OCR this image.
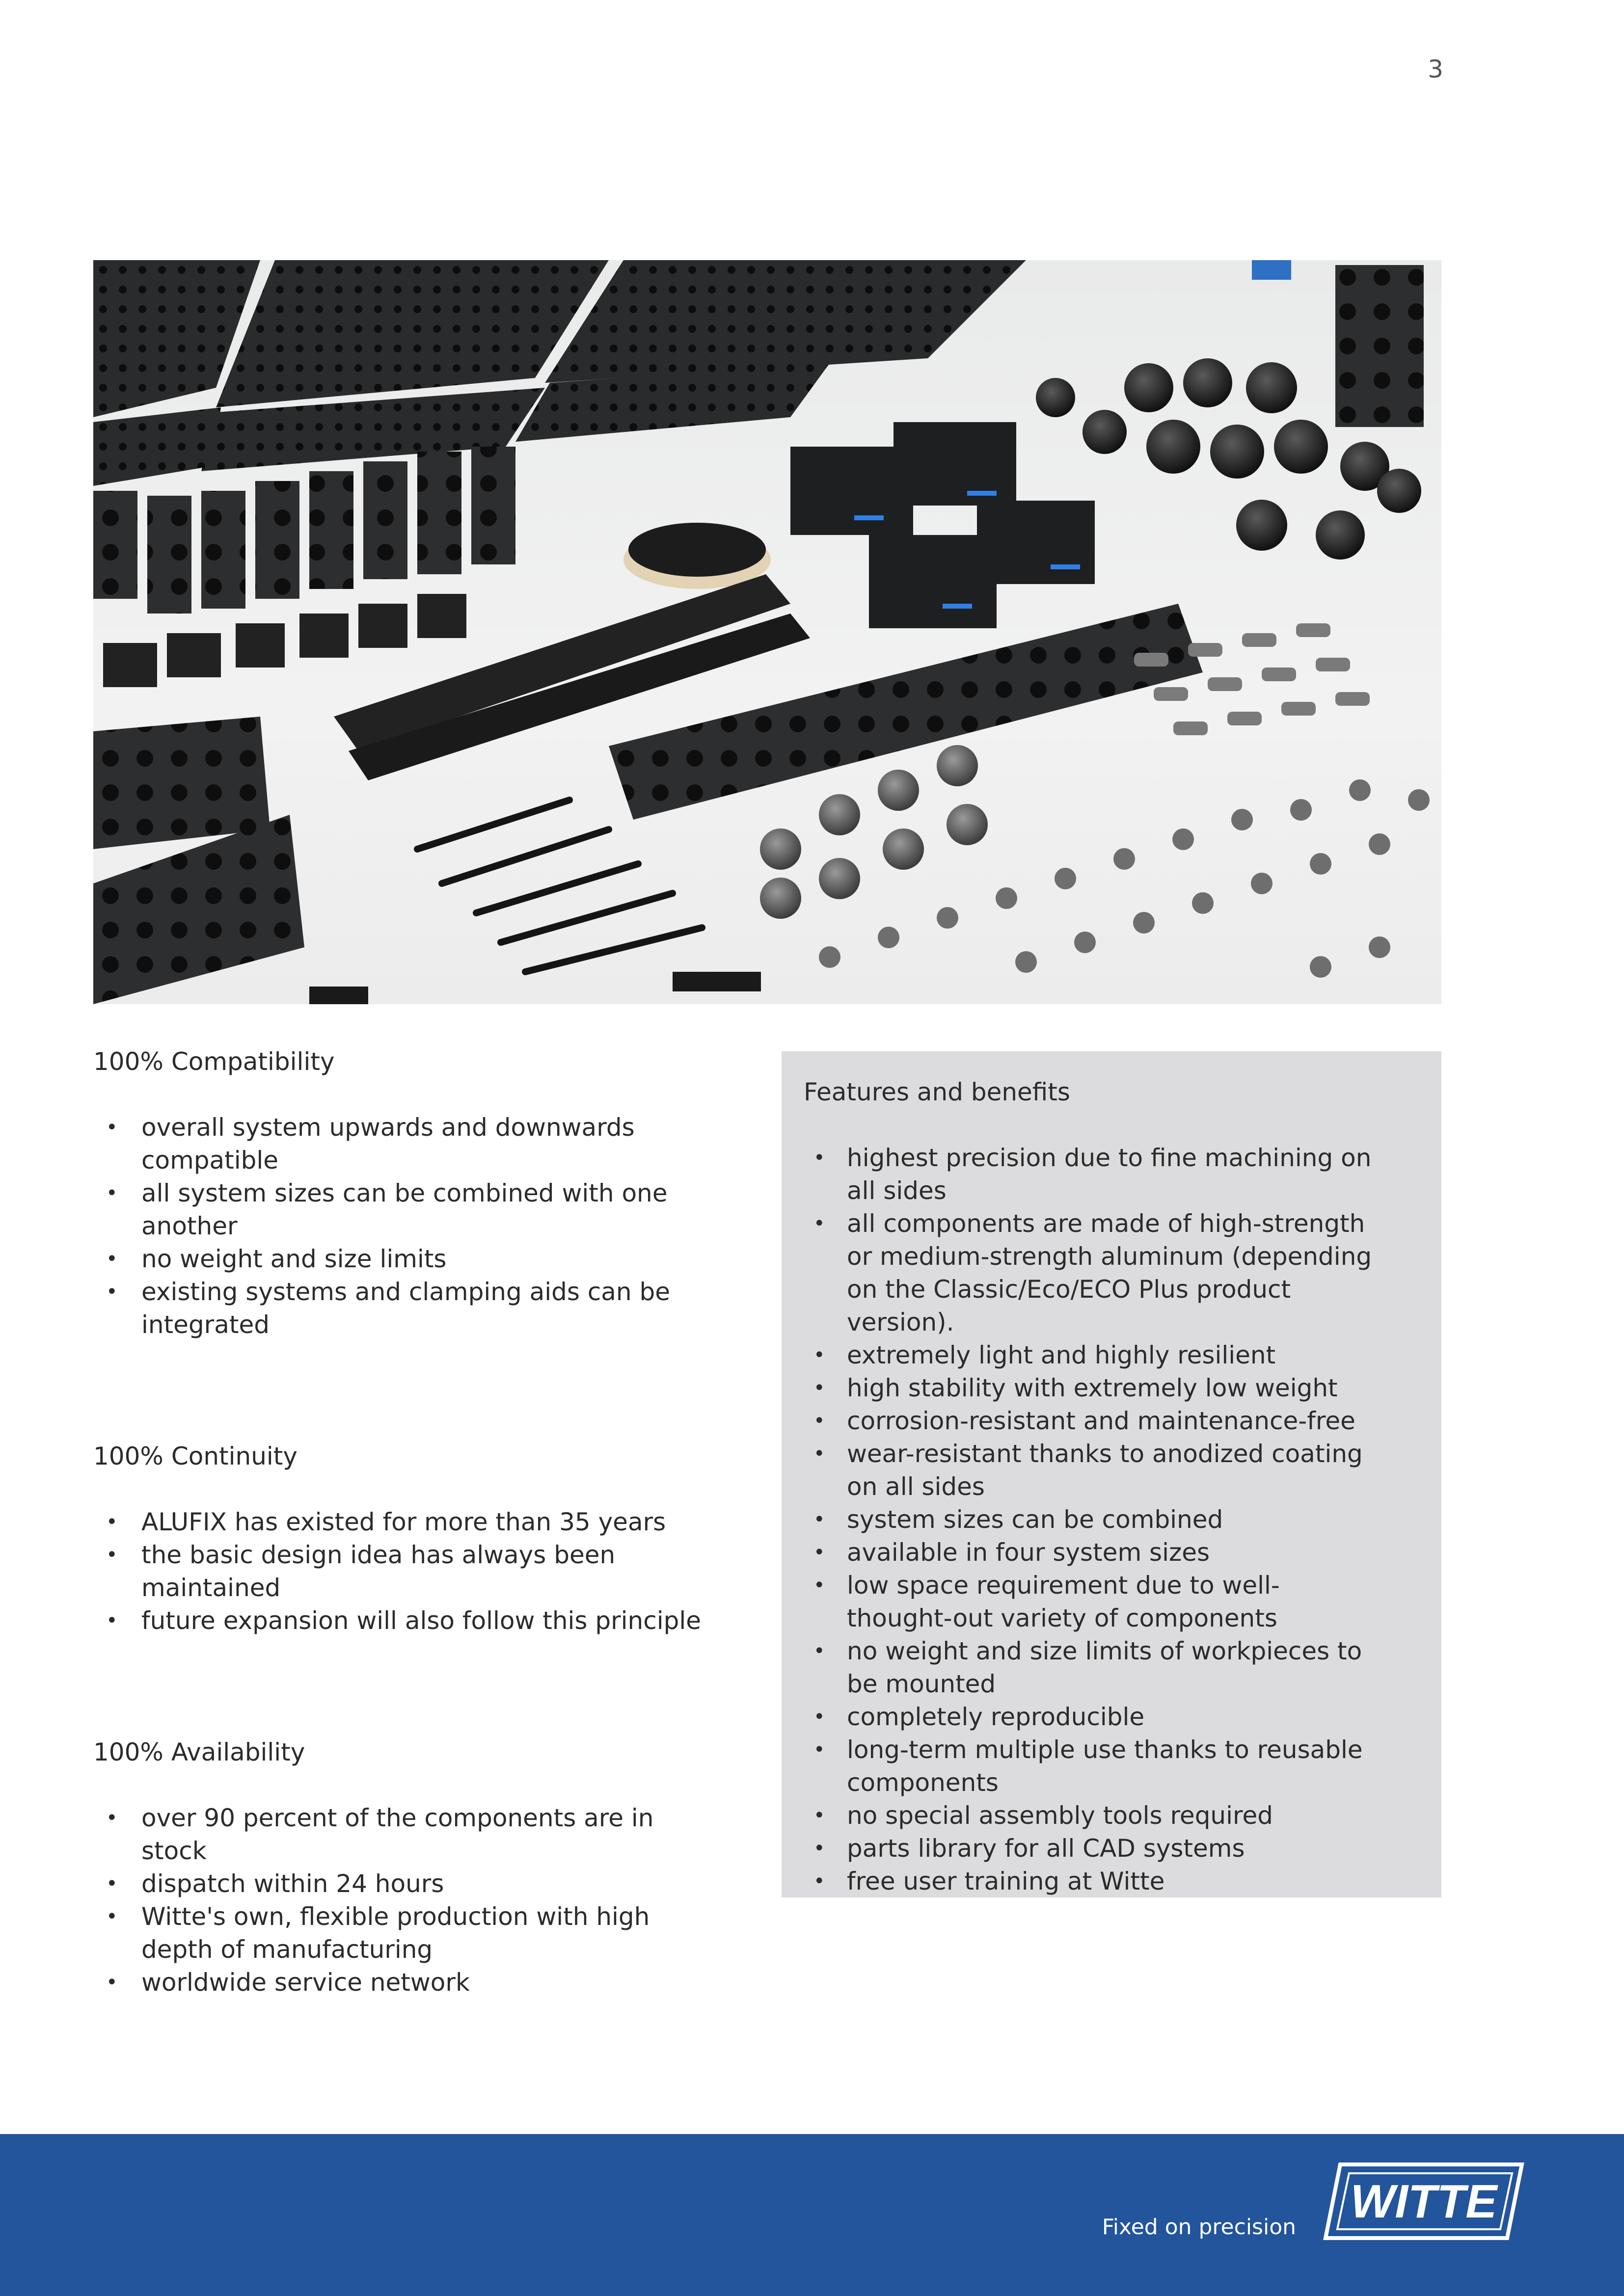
3
100% Compatibility
• overall system upwards and downwards compatible
• all system sizes can be combined with one another
• no weight and size limits
• existing systems and clamping aids can be integrated
100% Continuity
• ALUFIX has existed for more than 35 years
• the basic design idea has always been maintained
• future expansion will also follow this principle
100% Availability
• over 90 percent of the components are in stock
• dispatch within 24 hours
• Witte's own, flexible production with high depth of manufacturing
• worldwide service network
Features and benefits
• highest precision due to fine machining on all sides
• all components are made of high-strength or medium-strength aluminum (depending on the Classic/Eco/ECO Plus product version).
• extremely light and highly resilient
• high stability with extremely low weight
• corrosion-resistant and maintenance-free
• wear-resistant thanks to anodized coating on all sides
• system sizes can be combined
• available in four system sizes
• low space requirement due to well-thought-out variety of components
• no weight and size limits of workpieces to be mounted
• completely reproducible
• long-term multiple use thanks to reusable components
• no special assembly tools required
• parts library for all CAD systems
• free user training at Witte
Fixed on precision WITTE
